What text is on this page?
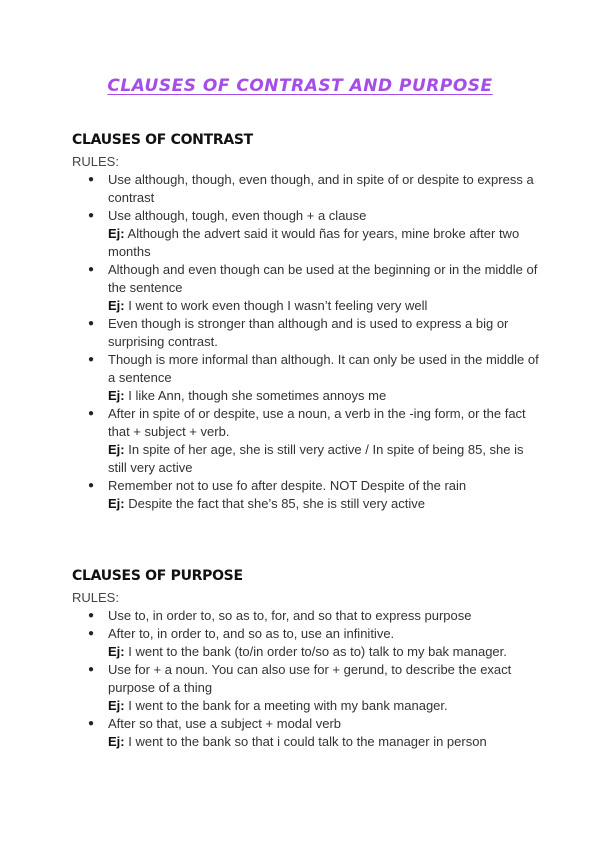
CLAUSES OF CONTRAST AND PURPOSE
CLAUSES OF CONTRAST
RULES:
● Use although, though, even though, and in spite of or despite to express a contrast
● Use although, tough, even though + a clause
Ej: Although the advert said it would ñas for years, mine broke after two months
● Although and even though can be used at the beginning or in the middle of the sentence
Ej: I went to work even though I wasn’t feeling very well
● Even though is stronger than although and is used to express a big or surprising contrast.
● Though is more informal than although. It can only be used in the middle of a sentence
Ej: I like Ann, though she sometimes annoys me
● After in spite of or despite, use a noun, a verb in the -ing form, or the fact that + subject + verb.
Ej: In spite of her age, she is still very active / In spite of being 85, she is still very active
● Remember not to use fo after despite. NOT Despite of the rain
Ej: Despite the fact that she’s 85, she is still very active
CLAUSES OF PURPOSE
RULES:
● Use to, in order to, so as to, for, and so that to express purpose
● After to, in order to, and so as to, use an infinitive.
Ej: I went to the bank (to/in order to/so as to) talk to my bak manager.
● Use for + a noun. You can also use for + gerund, to describe the exact purpose of a thing
Ej: I went to the bank for a meeting with my bank manager.
● After so that, use a subject + modal verb
Ej: I went to the bank so that i could talk to the manager in person
